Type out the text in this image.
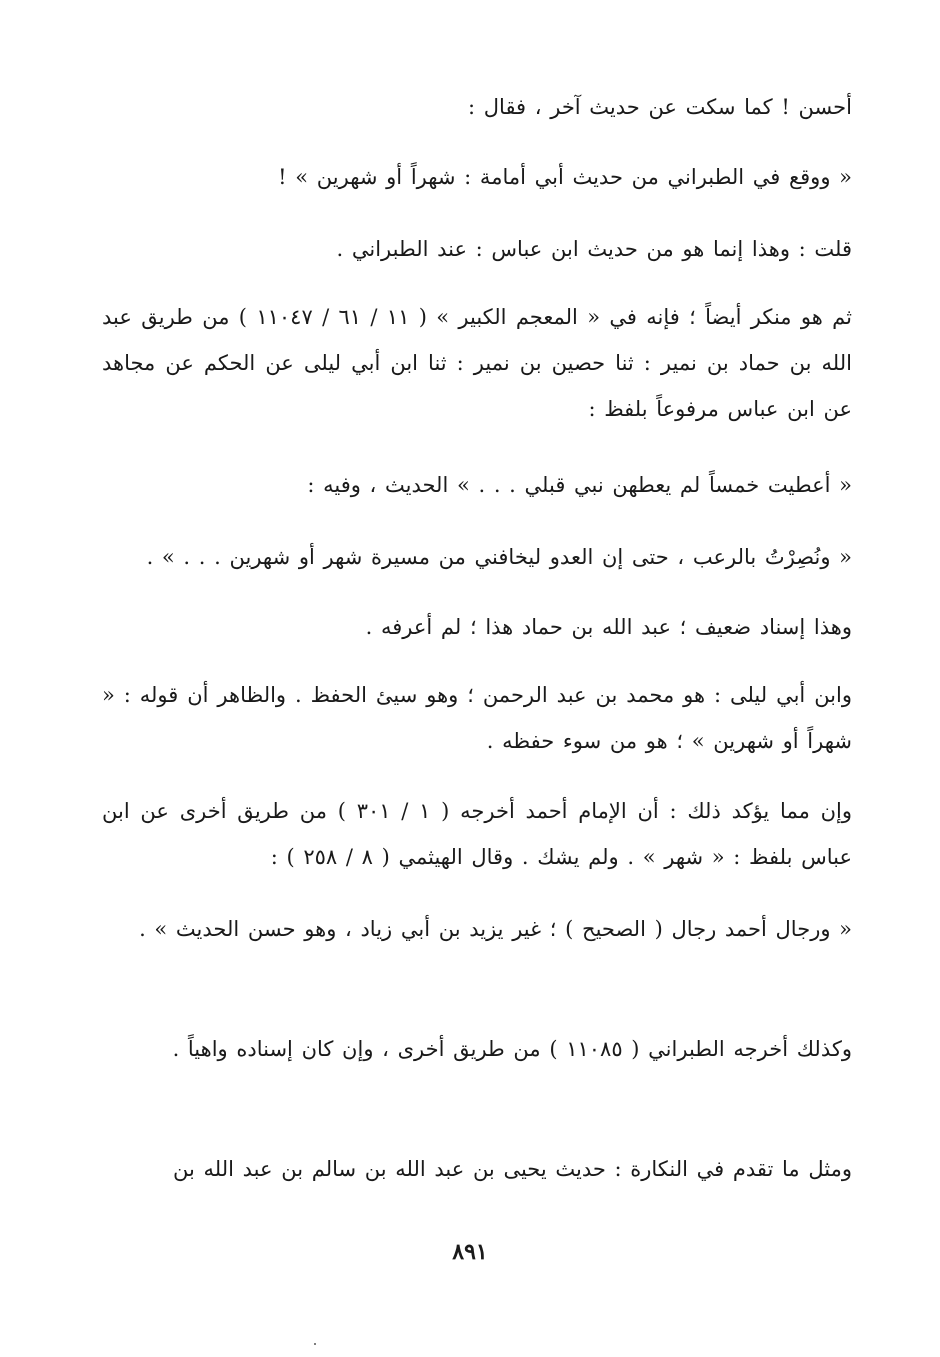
أحسن ! كما سكت عن حديث آخر ، فقال :
« ووقع في الطبراني من حديث أبي أمامة : شهراً أو شهرين » !
قلت : وهذا إنما هو من حديث ابن عباس : عند الطبراني .
ثم هو منكر أيضاً ؛ فإنه في « المعجم الكبير » ( ١١ / ٦١ / ١١٠٤٧ ) من طريق عبد الله بن حماد بن نمير : ثنا حصين بن نمير : ثنا ابن أبي ليلى عن الحكم عن مجاهد عن ابن عباس مرفوعاً بلفظ :
« أعطيت خمساً لم يعطهن نبي قبلي . . . » الحديث ، وفيه :
« ونُصِرْتُ بالرعب ، حتى إن العدو ليخافني من مسيرة شهر أو شهرين . . . » .
وهذا إسناد ضعيف ؛ عبد الله بن حماد هذا ؛ لم أعرفه .
وابن أبي ليلى : هو محمد بن عبد الرحمن ؛ وهو سيئ الحفظ . والظاهر أن قوله : « شهراً أو شهرين » ؛ هو من سوء حفظه .
وإن مما يؤكد ذلك : أن الإمام أحمد أخرجه ( ١ / ٣٠١ ) من طريق أخرى عن ابن عباس بلفظ : « شهر » . ولم يشك . وقال الهيثمي ( ٨ / ٢٥٨ ) :
« ورجال أحمد رجال ( الصحيح ) ؛ غير يزيد بن أبي زياد ، وهو حسن الحديث » .
وكذلك أخرجه الطبراني ( ١١٠٨٥ ) من طريق أخرى ، وإن كان إسناده واهياً .
ومثل ما تقدم في النكارة : حديث يحيى بن عبد الله بن سالم بن عبد الله بن
٨٩١
